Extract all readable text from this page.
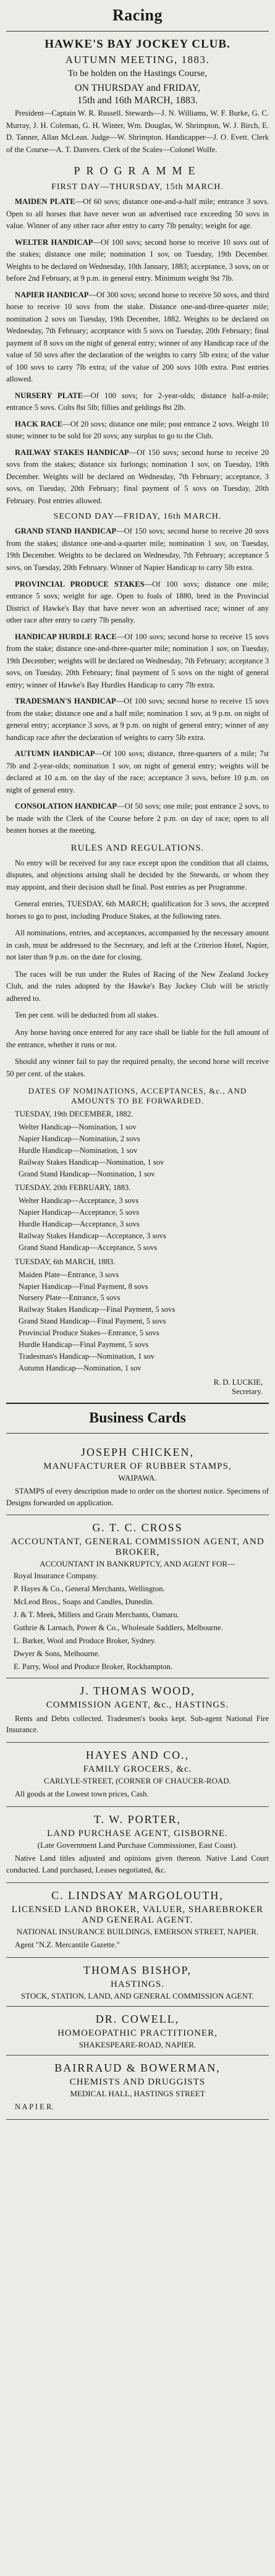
Racing
HAWKE'S BAY JOCKEY CLUB.
AUTUMN MEETING, 1883.
To be holden on the Hastings Course,
ON THURSDAY and FRIDAY,
15th and 16th MARCH, 1883.

President—Captain W. R. Russell. Stewards—J. N. Williams, W. F. Burke, G. C. Murray, J. H. Coleman, G. H. Winter, Wm. Douglas, W. Shrimpton, W. J. Birch, E. D. Tanner, Allan McLean. Judge—W. Shrimpton. Handicapper—J. O. Evett. Clerk of the Course—A. T. Danvers. Clerk of the Scales—Colonel Wolfe.

PROGRAMME
FIRST DAY—THURSDAY, 15th MARCH.

MAIDEN PLATE—Of 60 sovs; distance one-and-a-half mile; entrance 3 sovs. Open to all horses that have never won an advertised race exceeding 50 sovs in value. Winner of any other race after entry to carry 7lb penalty; weight for age.

WELTER HANDICAP—Of 100 sovs; second horse to receive 10 sovs out of the stakes; distance one mile; nomination 1 sov, on Tuesday, 19th December. Weights to be declared on Wednesday, 10th January, 1883; acceptance, 3 sovs, on or before 2nd February, at 9 p.m. in general entry. Minimum weight 9st 7lb.

NAPIER HANDICAP—Of 300 sovs; second horse to receive 50 sovs, and third horse to receive 10 sovs from the stake. Distance one-and-three-quarter mile; nomination 2 sovs on Tuesday, 19th December, 1882. Weights to be declared on Wednesday, 7th February; acceptance with 5 sovs on Tuesday, 20th February; final payment of 8 sovs on the night of general entry; winner of any Handicap race of the value of 50 sovs after the declaration of the weights to carry 5lb extra; of the value of 100 sovs to carry 7lb extra; of the value of 200 sovs 10lb extra. Post entries allowed.

NURSERY PLATE—Of 100 sovs; for 2-year-olds; distance half-a-mile; entrance 5 sovs. Colts 8st 5lb; fillies and geldings 8st 2lb.

HACK RACE—Of 20 sovs; distance one mile; post entrance 2 sovs. Weight 10 stone; winner to be sold for 20 sovs; any surplus to go to the Club.

RAILWAY STAKES HANDICAP—Of 150 sovs; second horse to receive 20 sovs from the stakes; distance six furlongs; nomination 1 sov, on Tuesday, 19th December. Weights will be declared on Wednesday, 7th February; acceptance, 3 sovs, on Tuesday, 20th February; final payment of 5 sovs on Tuesday, 20th February. Post entries allowed.

SECOND DAY—FRIDAY, 16th MARCH.

GRAND STAND HANDICAP—Of 150 sovs; second horse to receive 20 sovs from the stakes; distance one-and-a-quarter mile; nomination 1 sov, on Tuesday, 19th December. Weights to be declared on Wednesday, 7th February; acceptance 5 sovs, on Tuesday, 20th February. Winner of Napier Handicap to carry 5lb extra.

PROVINCIAL PRODUCE STAKES—Of 100 sovs; distance one mile; entrance 5 sovs; weight for age. Open to foals of 1880, bred in the Provincial District of Hawke's Bay that have never won an advertised race; winner of any other race after entry to carry 7lb penalty.

HANDICAP HURDLE RACE—Of 100 sovs; second horse to receive 15 sovs from the stake; distance one-and-three-quarter mile; nomination 1 sov, on Tuesday, 19th December; weights will be declared on Wednesday, 7th February; acceptance 3 sovs, on Tuesday, 20th February; final payment of 5 sovs on the night of general entry; winner of Hawke's Bay Hurdles Handicap to carry 7lb extra.

TRADESMAN'S HANDICAP—Of 100 sovs; second horse to receive 15 sovs from the stake; distance one and a half mile; nomination 1 sov, at 9 p.m. on night of general entry; acceptance 3 sovs, at 9 p.m. on night of general entry; winner of any handicap race after the declaration of weights to carry 5lb extra.

AUTUMN HANDICAP—Of 100 sovs; distance, three-quarters of a mile; 7st 7lb and 2-year-olds; nomination 1 sov, on night of general entry; weights will be declared at 10 a.m. on the day of the race; acceptance 3 sovs, before 10 p.m. on night of general entry.

CONSOLATION HANDICAP—Of 50 sovs; one mile; post entrance 2 sovs, to be made with the Clerk of the Course before 2 p.m. on day of race; open to all beaten horses at the meeting.

RULES AND REGULATIONS.

No entry will be received for any race except upon the condition that all claims, disputes, and objections arising shall be decided by the Stewards, or whom they may appoint, and their decision shall be final. Post entries as per Programme.

General entries, TUESDAY, 6th MARCH; qualification for 3 sovs, the accepted horses to go to post, including Produce Stakes, at the following rates.

All nominations, entries, and acceptances, accompanied by the necessary amount in cash, must be addressed to the Secretary, and left at the Criterion Hotel, Napier, not later than 9 p.m. on the date for closing.

The races will be run under the Rules of Racing of the New Zealand Jockey Club, and the rules adopted by the Hawke's Bay Jockey Club will be strictly adhered to.

Ten per cent. will be deducted from all stakes.

Any horse having once entered for any race shall be liable for the full amount of the entrance, whether it runs or not.

Should any winner fail to pay the required penalty, the second horse will receive 50 per cent. of the stakes.

DATES OF NOMINATIONS, ACCEPTANCES, &c., AND AMOUNTS TO BE FORWARDED.
TUESDAY, 19th DECEMBER, 1882.
Welter Handicap—Nomination, 1 sov
Napier Handicap—Nomination, 2 sovs
Hurdle Handicap—Nomination, 1 sov
Railway Stakes Handicap—Nomination, 1 sov
Grand Stand Handicap—Nomination, 1 sov
TUESDAY, 20th FEBRUARY, 1883.
Welter Handicap—Acceptance, 3 sovs
Napier Handicap—Acceptance, 5 sovs
Hurdle Handicap—Acceptance, 3 sovs
Railway Stakes Handicap—Acceptance, 3 sovs
Grand Stand Handicap—Acceptance, 5 sovs
TUESDAY, 6th MARCH, 1883.
Maiden Plate—Entrance, 3 sovs
Napier Handicap—Final Payment, 8 sovs
Nursery Plate—Entrance, 5 sovs
Railway Stakes Handicap—Final Payment, 5 sovs
Grand Stand Handicap—Final Payment, 5 sovs
Provincial Produce Stakes—Entrance, 5 sovs
Hurdle Handicap—Final Payment, 5 sovs
Tradesman's Handicap—Nomination, 1 sov
Autumn Handicap—Nomination, 1 sov
R. D. LUCKIE,
Secretary.
Business Cards
JOSEPH CHICKEN,
MANUFACTURER OF RUBBER STAMPS,
WAIPAWA.

STAMPS of every description made to order on the shortest notice. Specimens of Designs forwarded on application.

G. T. C. CROSS
ACCOUNTANT, GENERAL COMMISSION AGENT, AND BROKER,
ACCOUNTANT IN BANKRUPTCY, AND AGENT FOR—
Royal Insurance Company.
P. Hayes & Co., General Merchants, Wellington.
McLeod Bros., Soaps and Candles, Dunedin.
J. & T. Meek, Millers and Grain Merchants, Oamaru.
Guthrie & Larnach, Power & Co., Wholesale Saddlers, Melbourne.
L. Barker, Wool and Produce Broker, Sydney.
Dwyer & Sons, Melbourne.
E. Parry, Wool and Produce Broker, Rockhampton.
J. THOMAS WOOD,
COMMISSION AGENT, &c., HASTINGS.

Rents and Debts collected. Tradesmen's books kept. Sub-agent National Fire Insurance.

HAYES AND CO.,
FAMILY GROCERS, &c.
CARLYLE-STREET, (CORNER OF CHAUCER-ROAD.

All goods at the Lowest town prices, Cash.

T. W. PORTER,
LAND PURCHASE AGENT, GISBORNE.
(Late Government Land Purchase Commissioner, East Coast).

Native Land titles adjusted and opinions given thereon. Native Land Court conducted. Land purchased, Leases negotiated, &c.

C. LINDSAY MARGOLOUTH,
LICENSED LAND BROKER, VALUER, SHAREBROKER AND GENERAL AGENT.
NATIONAL INSURANCE BUILDINGS, EMERSON STREET, NAPIER.

Agent "N.Z. Mercantile Gazette."

THOMAS BISHOP,
HASTINGS.
STOCK, STATION, LAND, AND GENERAL COMMISSION AGENT.
DR. COWELL,
HOMOEOPATHIC PRACTITIONER,
SHAKESPEARE-ROAD, NAPIER.
BAIRRAUD & BOWERMAN,
CHEMISTS AND DRUGGISTS
MEDICAL HALL, HASTINGS STREET

N A P I E R.
